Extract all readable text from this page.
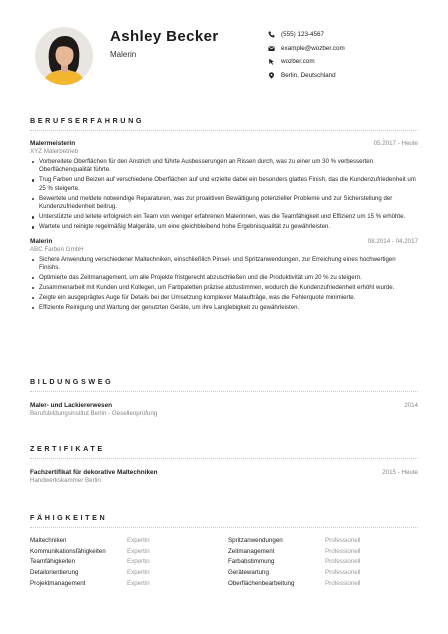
Ashley Becker
Malerin
(555) 123-4567
example@wozber.com
wozber.com
Berlin, Deutschland
BERUFSERFAHRUNG
Malermeisterin	05.2017 - Heute
XYZ Malerbetrieb
Vorbereitete Oberflächen für den Anstrich und führte Ausbesserungen an Rissen durch, was zu einer um 30 % verbesserten Oberflächenqualität führte.
Trug Farben und Beizen auf verschiedene Oberflächen auf und erzielte dabei ein besonders glattes Finish, das die Kundenzufriedenheit um 25 % steigerte.
Bewertete und meldete notwendige Reparaturen, was zur proaktiven Bewältigung potenzieller Probleme und zur Sicherstellung der Kundenzufriedenheit beitrug.
Unterstützte und leitete erfolgreich ein Team von weniger erfahrenen Malerinnen, was die Teamfähigkeit und Effizienz um 15 % erhöhte.
Wartete und reinigte regelmäßig Malgeräte, um eine gleichbleibend hohe Ergebnisqualität zu gewährleisten.
Malerin	08.2014 - 04.2017
ABC Farben GmbH
Sichere Anwendung verschiedener Maltechniken, einschließlich Pinsel- und Spritzanwendungen, zur Erreichung eines hochwertigen Finishs.
Optimierte das Zeitmanagement, um alle Projekte fristgerecht abzuschließen und die Produktivität um 20 % zu steigern.
Zusammenarbeit mit Kunden und Kollegen, um Farbpaletten präzise abzustimmen, wodurch die Kundenzufriedenheit erhöht wurde.
Zeigte ein ausgeprägtes Auge für Details bei der Umsetzung komplexer Malaufträge, was die Fehlerquote minimierte.
Effiziente Reinigung und Wartung der genutzten Geräte, um ihre Langlebigkeit zu gewährleisten.
BILDUNGSWEG
Maler- und Lackiererwesen	2014
Berufsbildungsinstitut Berlin - Gesellenprüfung
ZERTIFIKATE
Fachzertifikat für dekorative Maltechniken	2015 - Heute
Handwerkskammer Berlin
FÄHIGKEITEN
Maltechniken	Expertin	Spritzanwendungen	Professionell
Kommunikationsfähigkeiten	Expertin	Zeitmanagement	Professionell
Teamfähigkeiten	Expertin	Farbabstimmung	Professionell
Detailorientierung	Expertin	Gerätewartung	Professionell
Projektmanagement	Expertin	Oberflächenbearbeitung	Professionell
